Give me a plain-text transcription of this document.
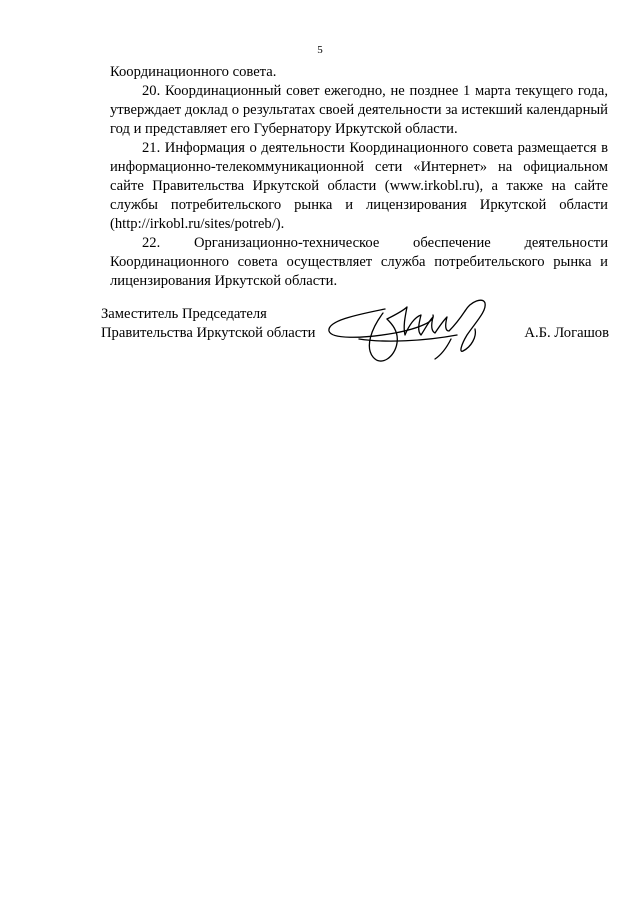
5

Координационного совета.

20. Координационный совет ежегодно, не позднее 1 марта текущего года, утверждает доклад о результатах своей деятельности за истекший календарный год и представляет его Губернатору Иркутской области.

21. Информация о деятельности Координационного совета размещается в информационно-телекоммуникационной сети «Интернет» на официальном сайте Правительства Иркутской области (www.irkobl.ru), а также на сайте службы потребительского рынка и лицензирования Иркутской области (http://irkobl.ru/sites/potreb/).

22. Организационно-техническое обеспечение деятельности Координационного совета осуществляет служба потребительского рынка и лицензирования Иркутской области.

Заместитель Председателя
Правительства Иркутской области	А.Б. Логашов
